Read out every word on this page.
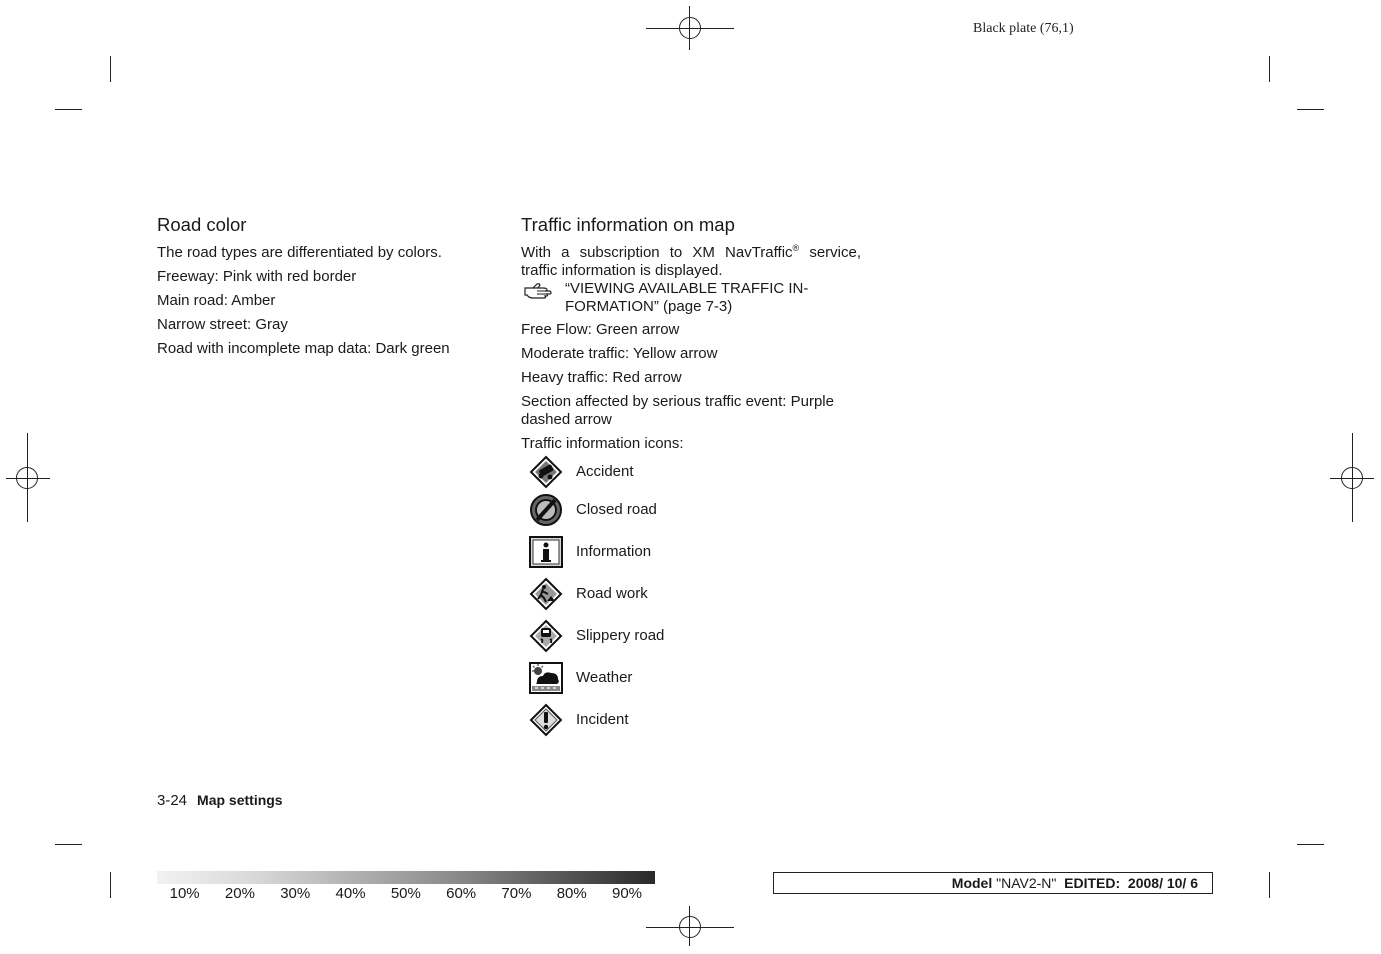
Black plate (76,1)
Road color

The road types are differentiated by colors.

Freeway: Pink with red border

Main road: Amber

Narrow street: Gray

Road with incomplete map data: Dark green

Traffic information on map

With a subscription to XM NavTraffic® service, traffic information is displayed.

“VIEWING AVAILABLE TRAFFIC IN-FORMATION” (page 7-3)

Free Flow: Green arrow

Moderate traffic: Yellow arrow

Heavy traffic: Red arrow

Section affected by serious traffic event: Purple dashed arrow

Traffic information icons:

Accident
Closed road
Information
Road work
Slippery road
Weather
Incident
3-24 Map settings
10%	20%	30%	40%	50%	60%	70%	80%	90%
Model "NAV2-N"  EDITED:  2008/ 10/ 6
